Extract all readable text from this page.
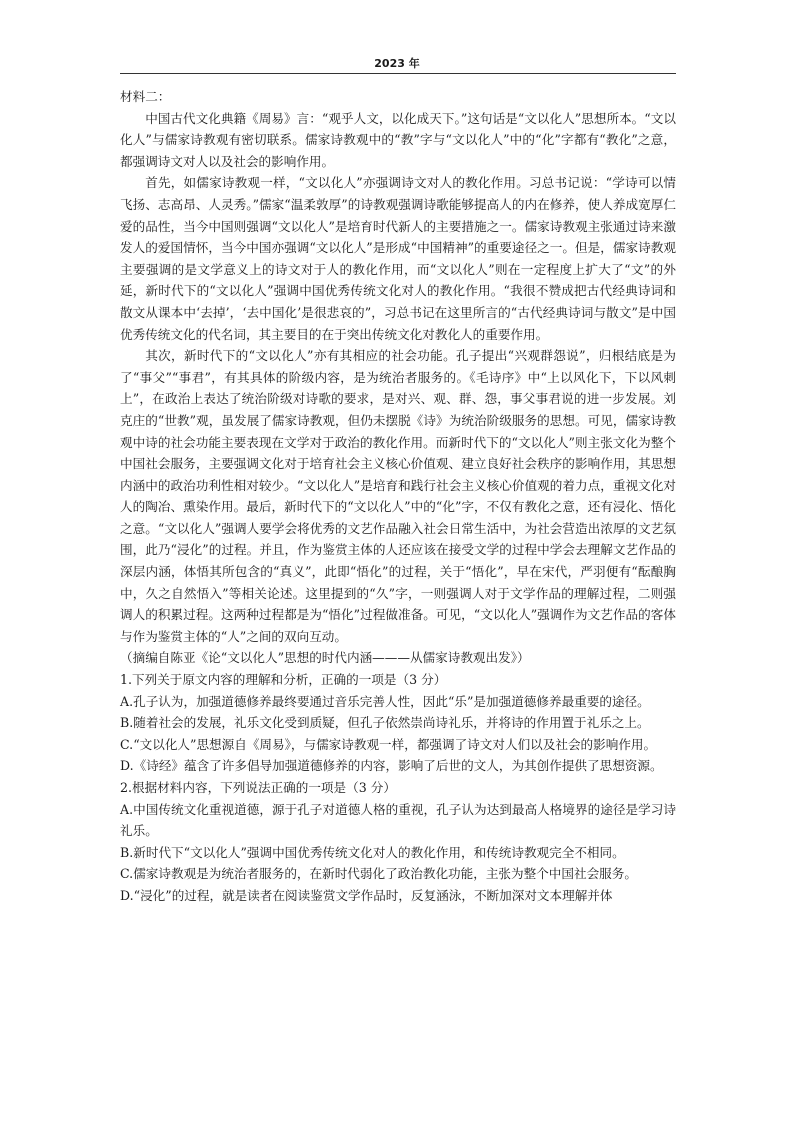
2023 年

材料二：

中国古代文化典籍《周易》言：“观乎人文，以化成天下。”这句话是“文以化人”思想所本。“文以化人”与儒家诗教观有密切联系。儒家诗教观中的“教”字与“文以化人”中的“化”字都有“教化”之意，都强调诗文对人以及社会的影响作用。

首先，如儒家诗教观一样，“文以化人”亦强调诗文对人的教化作用。习总书记说：“学诗可以情飞扬、志高昂、人灵秀。”儒家“温柔敦厚”的诗教观强调诗歌能够提高人的内在修养，使人养成宽厚仁爱的品性，当今中国则强调“文以化人”是培育时代新人的主要措施之一。儒家诗教观主张通过诗来激发人的爱国情怀，当今中国亦强调“文以化人”是形成“中国精神”的重要途径之一。但是，儒家诗教观主要强调的是文学意义上的诗文对于人的教化作用，而“文以化人”则在一定程度上扩大了“文”的外延，新时代下的“文以化人”强调中国优秀传统文化对人的教化作用。“我很不赞成把古代经典诗词和散文从课本中‘去掉’，‘去中国化’是很悲哀的”，习总书记在这里所言的“古代经典诗词与散文”是中国优秀传统文化的代名词，其主要目的在于突出传统文化对教化人的重要作用。

其次，新时代下的“文以化人”亦有其相应的社会功能。孔子提出“兴观群怨说”，归根结底是为了“事父”“事君”，有其具体的阶级内容，是为统治者服务的。《毛诗序》中“上以风化下，下以风刺上”，在政治上表达了统治阶级对诗歌的要求，是对兴、观、群、怨，事父事君说的进一步发展。刘克庄的“世教”观，虽发展了儒家诗教观，但仍未摆脱《诗》为统治阶级服务的思想。可见，儒家诗教观中诗的社会功能主要表现在文学对于政治的教化作用。而新时代下的“文以化人”则主张文化为整个中国社会服务，主要强调文化对于培育社会主义核心价值观、建立良好社会秩序的影响作用，其思想内涵中的政治功利性相对较少。“文以化人”是培育和践行社会主义核心价值观的着力点，重视文化对人的陶冶、熏染作用。最后，新时代下的“文以化人”中的“化”字，不仅有教化之意，还有浸化、悟化之意。“文以化人”强调人要学会将优秀的文艺作品融入社会日常生活中，为社会营造出浓厚的文艺氛围，此乃“浸化”的过程。并且，作为鉴赏主体的人还应该在接受文学的过程中学会去理解文艺作品的深层内涵，体悟其所包含的“真义”，此即“悟化”的过程，关于“悟化”，早在宋代，严羽便有“酝酿胸中，久之自然悟入”等相关论述。这里提到的“久”字，一则强调人对于文学作品的理解过程，二则强调人的积累过程。这两种过程都是为“悟化”过程做准备。可见，“文以化人”强调作为文艺作品的客体与作为鉴赏主体的“人”之间的双向互动。

（摘编自陈亚《论“文以化人”思想的时代内涵———从儒家诗教观出发》）

1.下列关于原文内容的理解和分析，正确的一项是（3 分）

A.孔子认为，加强道德修养最终要通过音乐完善人性，因此“乐”是加强道德修养最重要的途径。

B.随着社会的发展，礼乐文化受到质疑，但孔子依然崇尚诗礼乐，并将诗的作用置于礼乐之上。

C.“文以化人”思想源自《周易》，与儒家诗教观一样，都强调了诗文对人们以及社会的影响作用。

D.《诗经》蕴含了许多倡导加强道德修养的内容，影响了后世的文人，为其创作提供了思想资源。

2.根据材料内容，下列说法正确的一项是（3 分）

A.中国传统文化重视道德，源于孔子对道德人格的重视，孔子认为达到最高人格境界的途径是学习诗礼乐。

B.新时代下“文以化人”强调中国优秀传统文化对人的教化作用，和传统诗教观完全不相同。

C.儒家诗教观是为统治者服务的，在新时代弱化了政治教化功能，主张为整个中国社会服务。

D.“浸化”的过程，就是读者在阅读鉴赏文学作品时，反复涵泳，不断加深对文本理解并体
